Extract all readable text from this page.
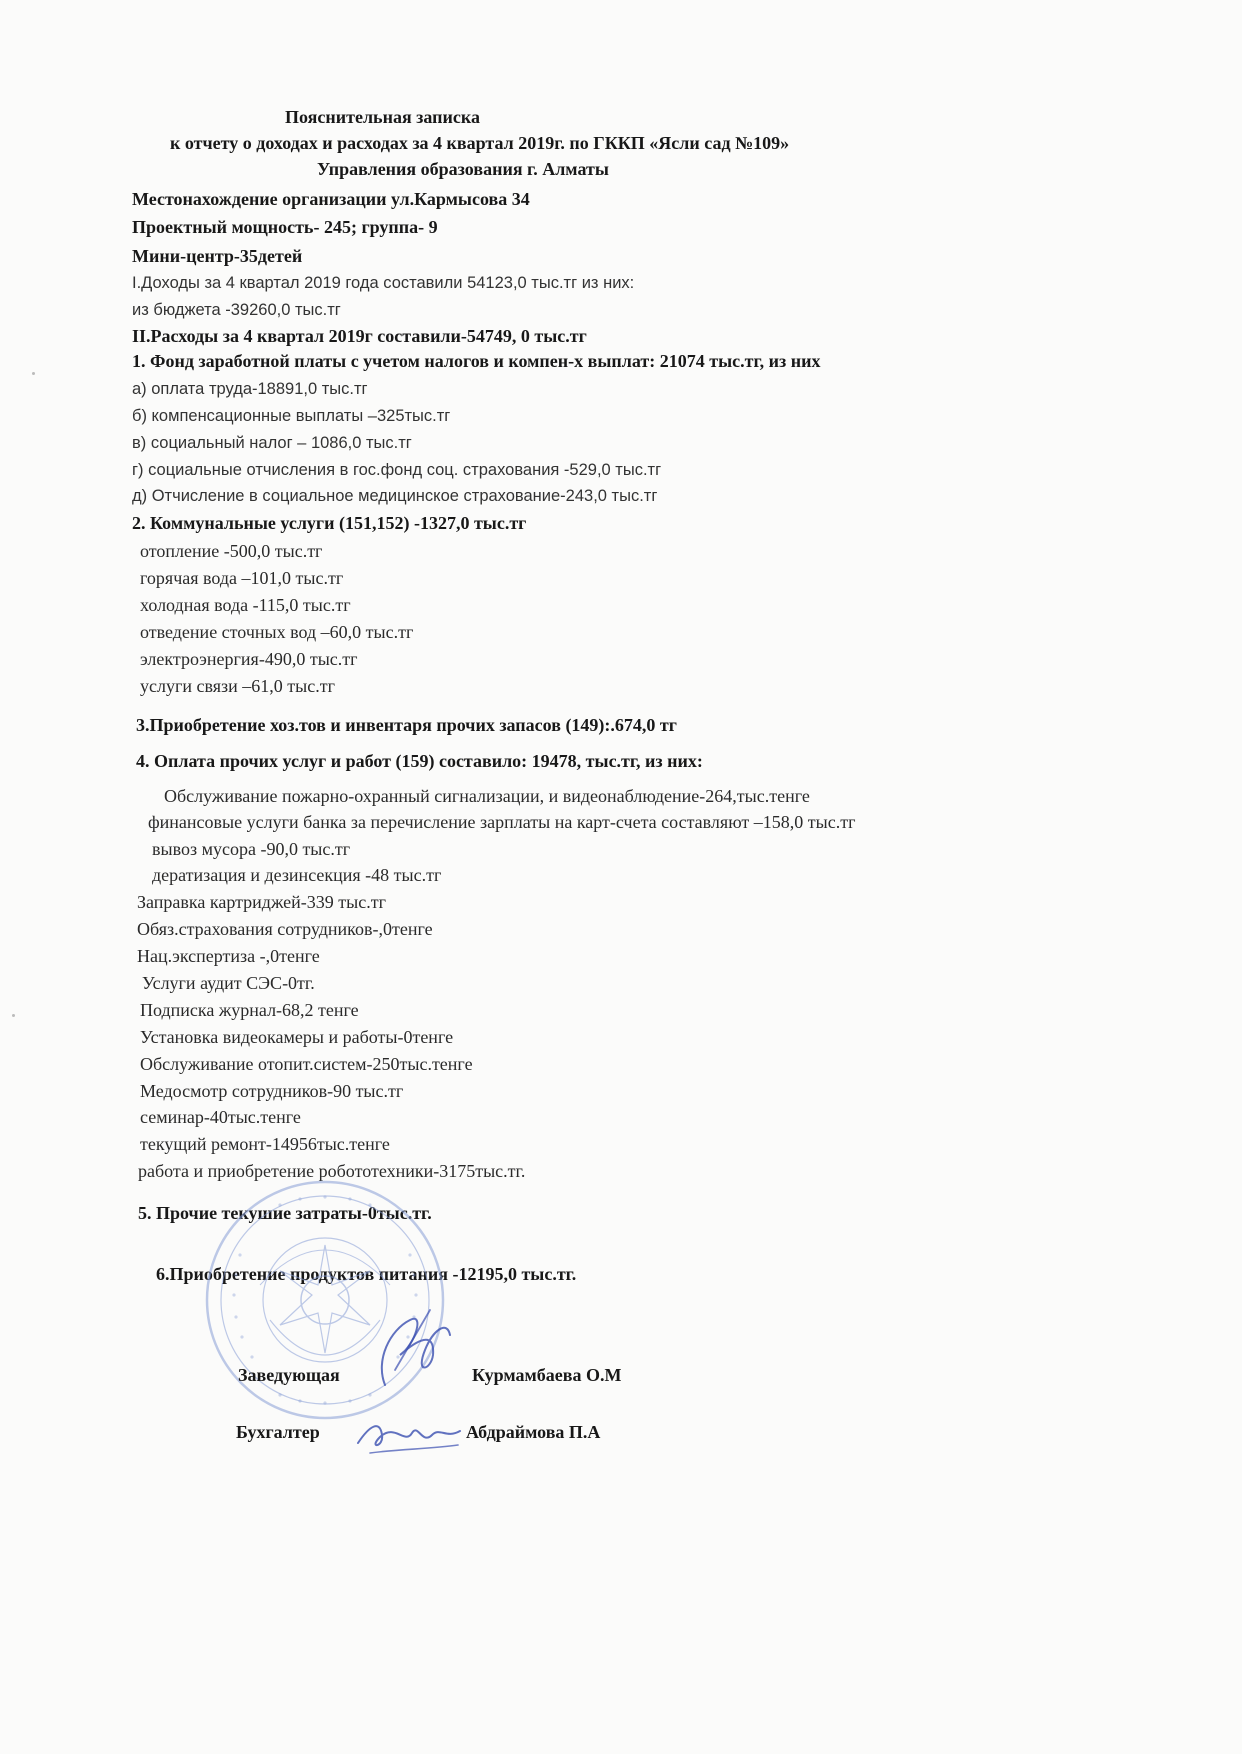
Пояснительная записка
к отчету о доходах и расходах за 4 квартал 2019г. по ГККП «Ясли сад №109»
Управления образования г. Алматы
Местонахождение организации ул.Кармысова 34
Проектный мощность- 245; группа- 9
Мини-центр-35детей
I.Доходы за 4 квартал 2019 года составили 54123,0 тыс.тг из них:
из бюджета -39260,0 тыс.тг
II.Расходы за 4 квартал 2019г составили-54749, 0 тыс.тг
1. Фонд заработной платы с учетом налогов и компен-х выплат: 21074 тыс.тг, из них
а) оплата труда-18891,0 тыс.тг
б) компенсационные выплаты –325тыс.тг
в) социальный налог – 1086,0 тыс.тг
г) социальные отчисления в гос.фонд соц. страхования -529,0 тыс.тг
д) Отчисление в социальное медицинское страхование-243,0 тыс.тг
2. Коммунальные услуги (151,152) -1327,0 тыс.тг
отопление -500,0 тыс.тг
горячая вода –101,0 тыс.тг
холодная вода -115,0 тыс.тг
отведение сточных вод –60,0 тыс.тг
электроэнергия-490,0 тыс.тг
услуги связи –61,0 тыс.тг
3.Приобретение хоз.тов и инвентаря прочих запасов (149):.674,0 тг
4. Оплата прочих услуг и работ (159) составило: 19478, тыс.тг, из них:
Обслуживание пожарно-охранный сигнализации, и видеонаблюдение-264,тыс.тенге
финансовые услуги банка за перечисление зарплаты на карт-счета составляют –158,0 тыс.тг
вывоз мусора -90,0 тыс.тг
дератизация и дезинсекция -48 тыс.тг
Заправка картриджей-339 тыс.тг
Обяз.страхования сотрудников-,0тенге
Нац.экспертиза -,0тенге
Услуги аудит СЭС-0тг.
Подписка журнал-68,2 тенге
Установка видеокамеры и работы-0тенге
Обслуживание отопит.систем-250тыс.тенге
Медосмотр сотрудников-90 тыс.тг
семинар-40тыс.тенге
текущий ремонт-14956тыс.тенге
работа и приобретение робототехники-3175тыс.тг.
5. Прочие текушие затраты-0тыс.тг.
6.Приобретение продуктов питания -12195,0 тыс.тг.
Заведующая	Курмамбаева О.М
Бухгалтер	Абдраймова П.А
